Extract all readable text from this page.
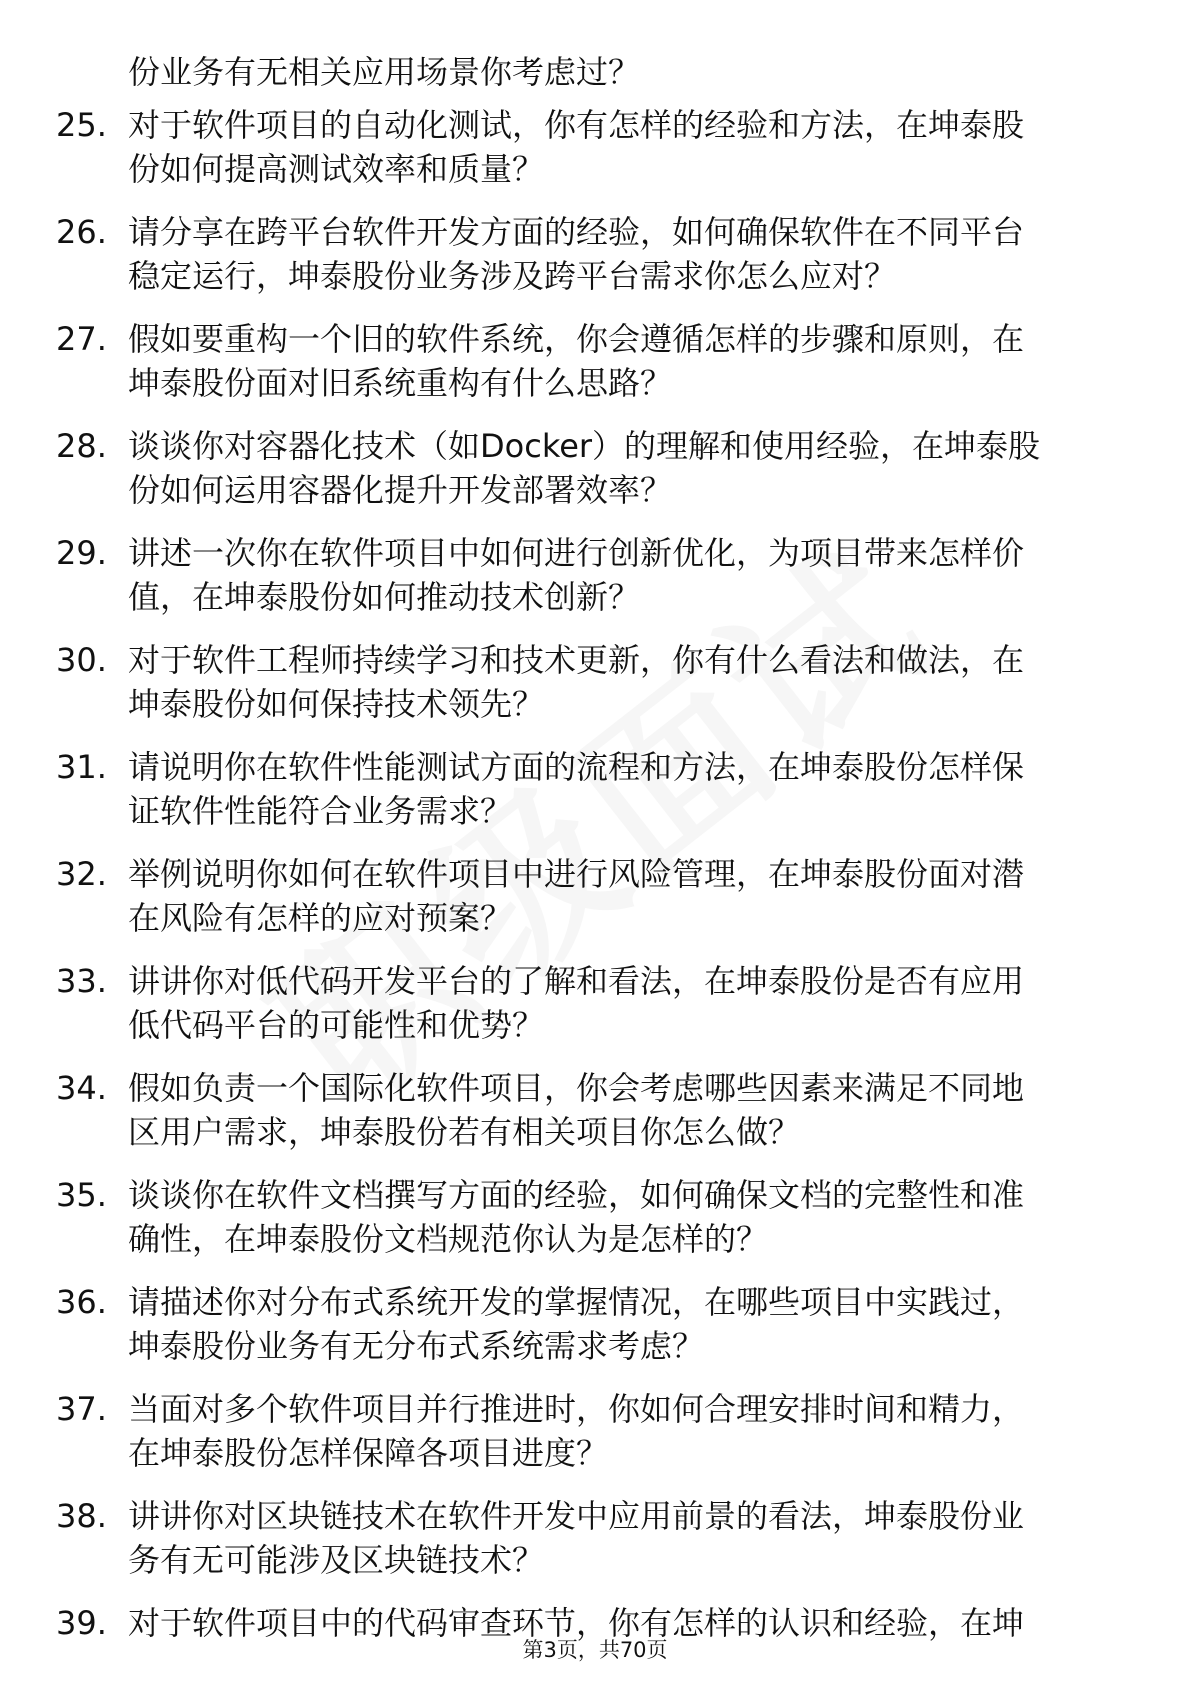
份业务有无相关应用场景你考虑过？
25. 对于软件项目的自动化测试，你有怎样的经验和方法，在坤泰股
份如何提高测试效率和质量？
26. 请分享在跨平台软件开发方面的经验，如何确保软件在不同平台
稳定运行，坤泰股份业务涉及跨平台需求你怎么应对？
27. 假如要重构一个旧的软件系统，你会遵循怎样的步骤和原则，在
坤泰股份面对旧系统重构有什么思路？
28. 谈谈你对容器化技术（如Docker）的理解和使用经验，在坤泰股
份如何运用容器化提升开发部署效率？
29. 讲述一次你在软件项目中如何进行创新优化，为项目带来怎样价
值，在坤泰股份如何推动技术创新？
30. 对于软件工程师持续学习和技术更新，你有什么看法和做法，在
坤泰股份如何保持技术领先？
31. 请说明你在软件性能测试方面的流程和方法，在坤泰股份怎样保
证软件性能符合业务需求？
32. 举例说明你如何在软件项目中进行风险管理，在坤泰股份面对潜
在风险有怎样的应对预案？
33. 讲讲你对低代码开发平台的了解和看法，在坤泰股份是否有应用
低代码平台的可能性和优势？
34. 假如负责一个国际化软件项目，你会考虑哪些因素来满足不同地
区用户需求，坤泰股份若有相关项目你怎么做？
35. 谈谈你在软件文档撰写方面的经验，如何确保文档的完整性和准
确性，在坤泰股份文档规范你认为是怎样的？
36. 请描述你对分布式系统开发的掌握情况，在哪些项目中实践过，
坤泰股份业务有无分布式系统需求考虑？
37. 当面对多个软件项目并行推进时，你如何合理安排时间和精力，
在坤泰股份怎样保障各项目进度？
38. 讲讲你对区块链技术在软件开发中应用前景的看法，坤泰股份业
务有无可能涉及区块链技术？
39. 对于软件项目中的代码审查环节，你有怎样的认识和经验，在坤
第3页，共70页
